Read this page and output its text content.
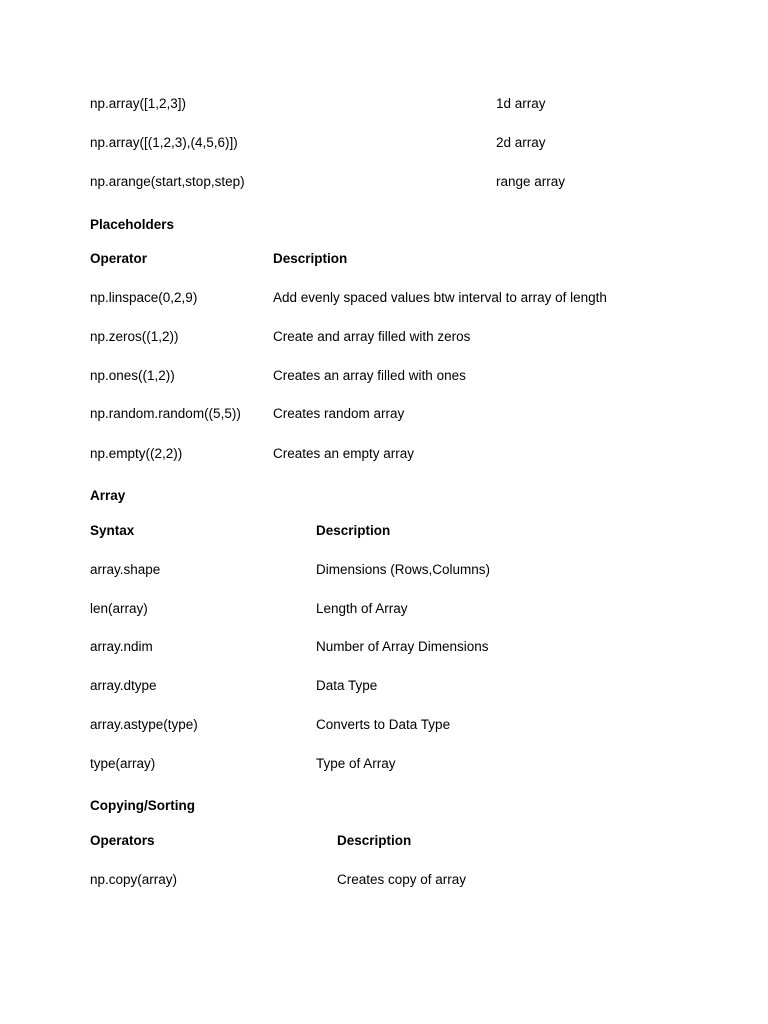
np.array([1,2,3])	1d array
np.array([(1,2,3),(4,5,6)])	2d array
np.arange(start,stop,step)	range array
Placeholders
Operator	Description
np.linspace(0,2,9)	Add evenly spaced values btw interval to array of length
np.zeros((1,2))	Create and array filled with zeros
np.ones((1,2))	Creates an array filled with ones
np.random.random((5,5)) Creates random array
np.empty((2,2))	Creates an empty array
Array
Syntax	Description
array.shape	Dimensions (Rows,Columns)
len(array)	Length of Array
array.ndim	Number of Array Dimensions
array.dtype	Data Type
array.astype(type)	Converts to Data Type
type(array)	Type of Array
Copying/Sorting
Operators	Description
np.copy(array)	Creates copy of array
